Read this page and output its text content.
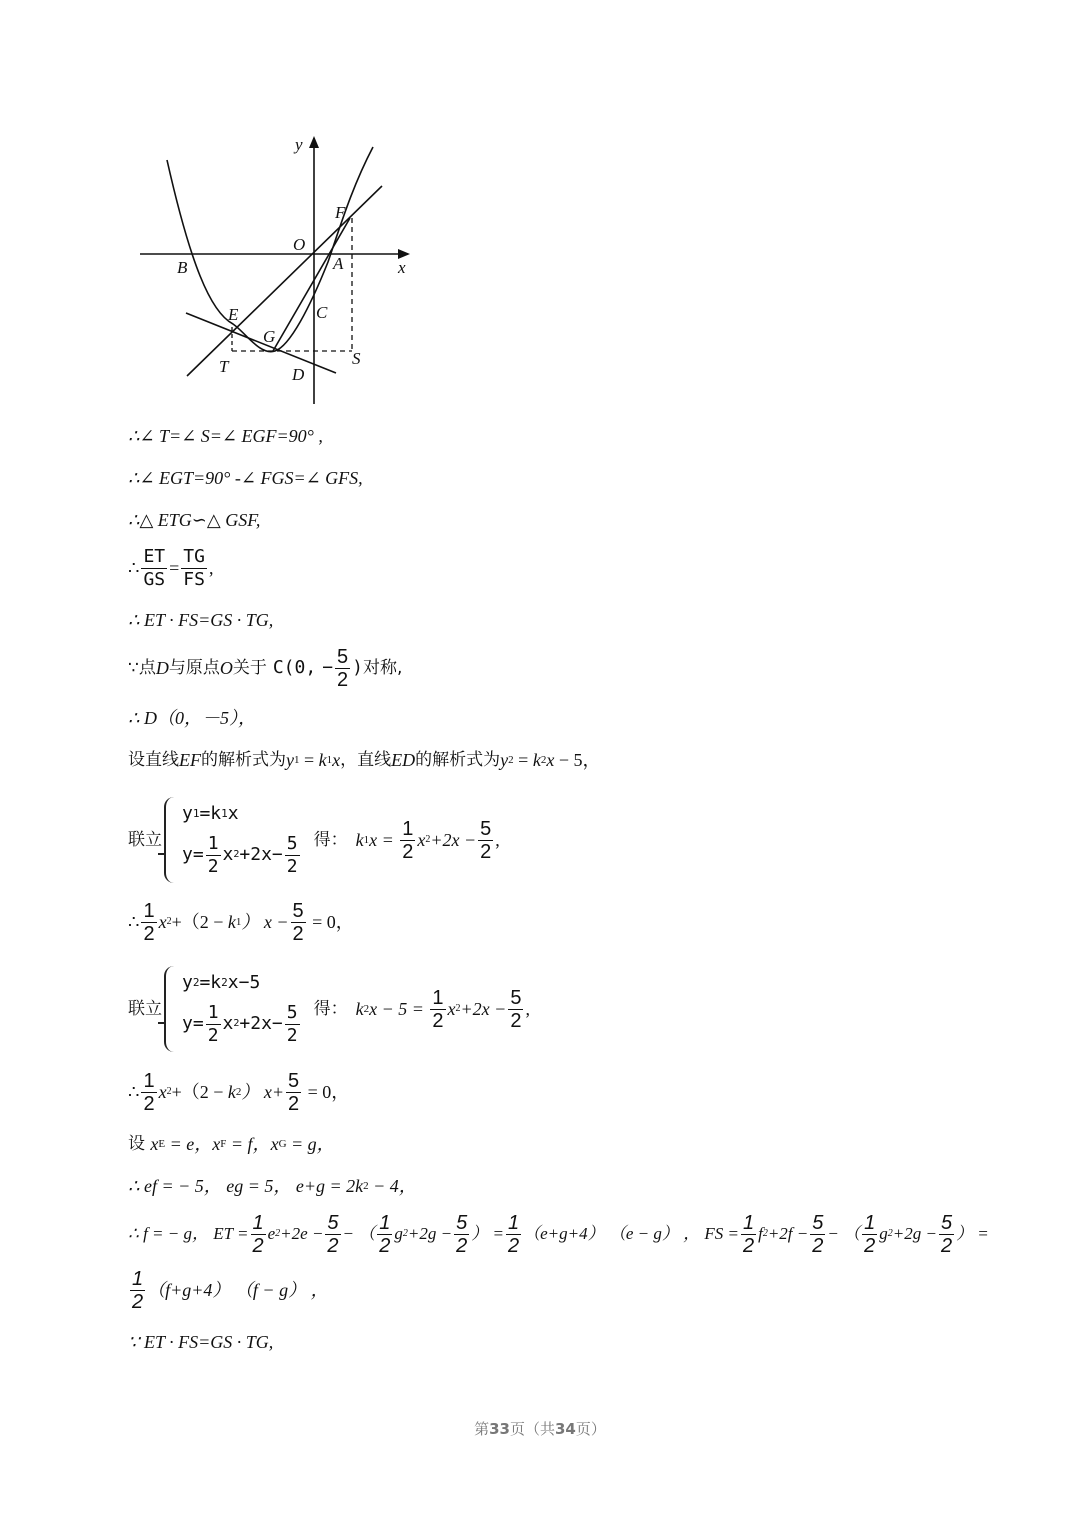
y
x
O
F
A
B
C
E
G
T	D
S
∴∠ T=∠ S=∠ EGF=90° ,
∴∠ EGT=90° -∠ FGS=∠ GFS,
∴△ ETG∽△ GSF,
∴ $\frac{ET}{GS} = \frac{TG}{FS}$ ,
∴ ET · FS=GS · TG,
∵点 D 与原点 O 关于 C(0, − $\frac{5}{2}$ ) 对称,
∴ D（0，－5），
设直线 EF 的解析式为 y 1 = k 1 x ，直线 ED 的解析式为 y 2 = k 2 x − 5，
联立
y 1 =k 1 x
$y= \frac{1}{2}$ x $2 +2x- \frac{5}{2}$ 得： k 1 $x = \frac{1}{2}$ x $2 +2x - \frac{5}{2}$ ,
∴ $\frac{1}{2}$ x 2 +（2 − k 1 ） $x - \frac{5}{2} = 0$，
联立
y 2 =k 2 x−5
$y= \frac{1}{2}$ x $2 +2x- \frac{5}{2}$ 得： k 2 $x - 5 = \frac{1}{2}$ x $2 +2x - \frac{5}{2}$ ,
∴ $\frac{1}{2}$ x 2 +（2 − k 2 ） $x+ \frac{5}{2} = 0$，
设 x E = e， x F = f， x G = g，
∴ ef = − 5， eg = 5， e+g = 2k 2 − 4，
∴ f = − g， ET = $\frac{1}{2}$ e $2 +2e - \frac{5}{2}$ − （ $\frac{1}{2}$ g $2 +2g - \frac{5}{2}$ ） = $\frac{1}{2} (e+g+4) (e - g)$ ， FS = $\frac{1}{2}$ f $2 +2f - \frac{5}{2}$ − （ $\frac{1}{2}$ g $2 +2g - \frac{5}{2}$ ） =
$\frac{1}{2} (f+g+4) (f - g)$ ，
∵ ET · FS=GS · TG,
第33页（共34页）
